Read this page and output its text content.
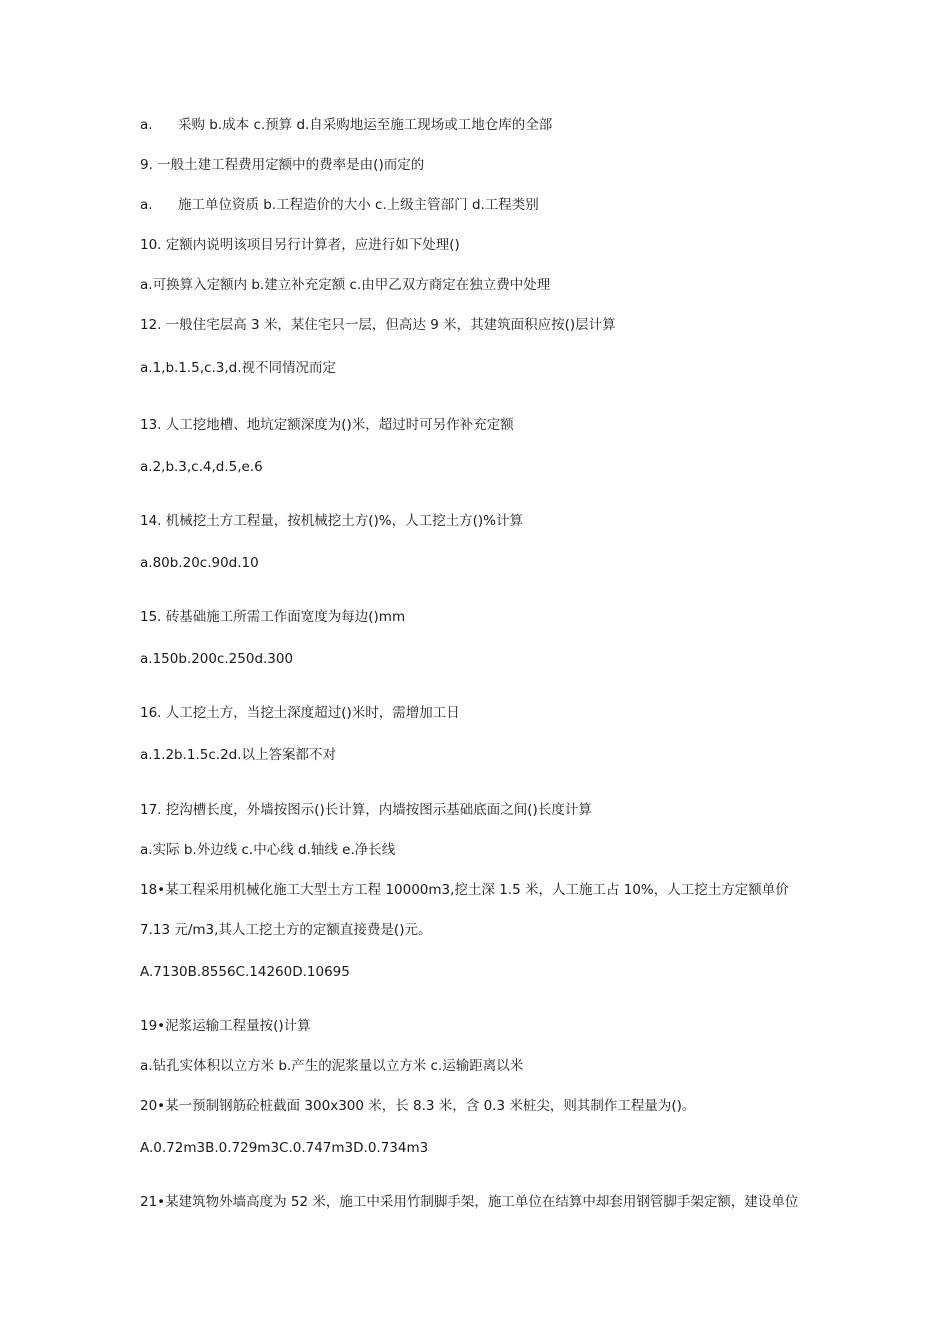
a. 采购 b.成本 c.预算 d.自采购地运至施工现场或工地仓库的全部
9. 一般土建工程费用定额中的费率是由()而定的
a. 施工单位资质 b.工程造价的大小 c.上级主管部门 d.工程类别
10. 定额内说明该项目另行计算者，应进行如下处理()
a.可换算入定额内 b.建立补充定额 c.由甲乙双方商定在独立费中处理
12. 一般住宅层高 3 米，某住宅只一层，但高达 9 米，其建筑面积应按()层计算
a.1,b.1.5,c.3,d.视不同情况而定
13. 人工挖地槽、地坑定额深度为()米，超过时可另作补充定额
a.2,b.3,c.4,d.5,e.6
14. 机械挖土方工程量，按机械挖土方()%，人工挖土方()%计算
a.80b.20c.90d.10
15. 砖基础施工所需工作面宽度为每边()mm
a.150b.200c.250d.300
16. 人工挖土方，当挖土深度超过()米时，需增加工日
a.1.2b.1.5c.2d.以上答案都不对
17. 挖沟槽长度，外墙按图示()长计算，内墙按图示基础底面之间()长度计算
a.实际 b.外边线 c.中心线 d.轴线 e.净长线
18•某工程采用机械化施工大型土方工程 10000m3,挖土深 1.5 米，人工施工占 10%，人工挖土方定额单价
7.13 元/m3,其人工挖土方的定额直接费是()元。
A.7130B.8556C.14260D.10695
19•泥浆运输工程量按()计算
a.钻孔实体积以立方米 b.产生的泥浆量以立方米 c.运输距离以米
20•某一预制钢筋砼桩截面 300x300 米，长 8.3 米，含 0.3 米桩尖，则其制作工程量为()。
A.0.72m3B.0.729m3C.0.747m3D.0.734m3
21•某建筑物外墙高度为 52 米，施工中采用竹制脚手架，施工单位在结算中却套用钢管脚手架定额，建设单位
